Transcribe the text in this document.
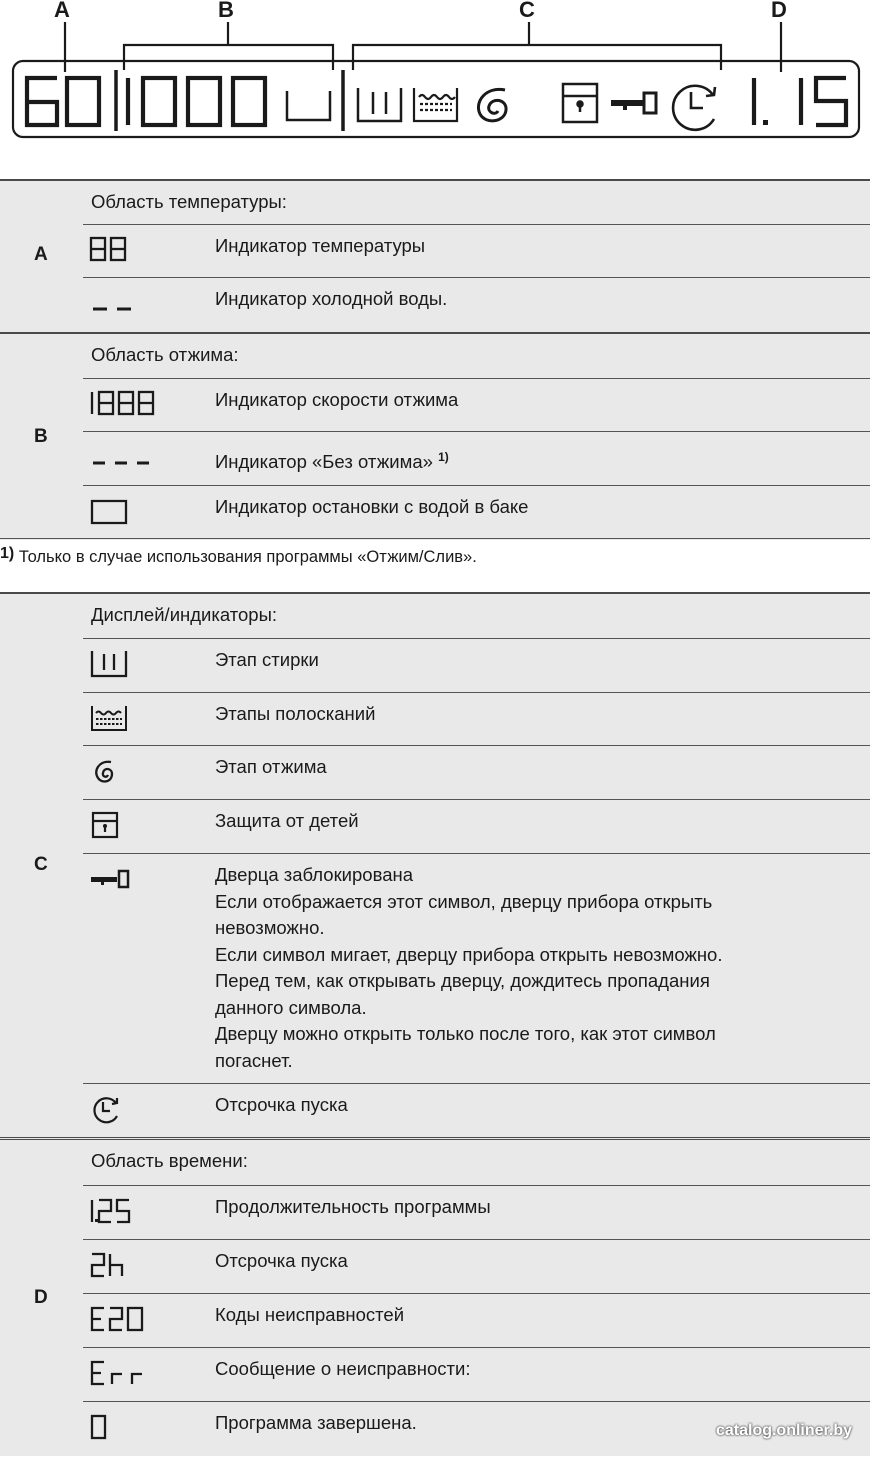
A	B	C	D
A
Область температуры:
Индикатор температуры
Индикатор холодной воды.
B
Область отжима:
Индикатор скорости отжима
Индикатор «Без отжима» $^{1)}$
Индикатор остановки с водой в баке
1) Только в случае использования программы «Отжим/Слив».
C
Дисплей/индикаторы:
Этап стирки
Этапы полосканий
Этап отжима
Защита от детей
Дверца заблокирована
Если отображается этот символ, дверцу прибора открыть
невозможно.
Если символ мигает, дверцу прибора открыть невозможно.
Перед тем, как открывать дверцу, дождитесь пропадания
данного символа.
Дверцу можно открыть только после того, как этот символ
погаснет.
Отсрочка пуска
D
Область времени:
Продолжительность программы
Отсрочка пуска
Коды неисправностей
Сообщение о неисправности:
Программа завершена.	catalog.onliner.by
